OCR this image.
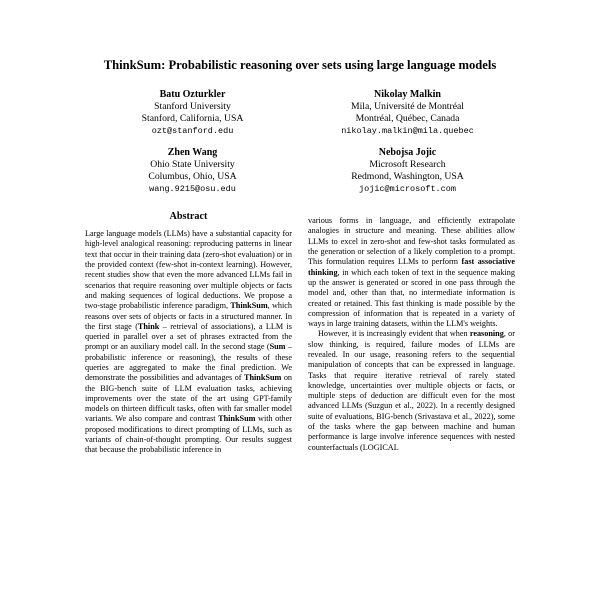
ThinkSum: Probabilistic reasoning over sets using large language models
Batu Ozturkler
Stanford University
Stanford, California, USA
ozt@stanford.edu
Nikolay Malkin
Mila, Université de Montréal
Montréal, Québec, Canada
nikolay.malkin@mila.quebec
Zhen Wang
Ohio State University
Columbus, Ohio, USA
wang.9215@osu.edu
Nebojsa Jojic
Microsoft Research
Redmond, Washington, USA
jojic@microsoft.com
Abstract

Large language models (LLMs) have a substantial capacity for high-level analogical reasoning: reproducing patterns in linear text that occur in their training data (zero-shot evaluation) or in the provided context (few-shot in-context learning). However, recent studies show that even the more advanced LLMs fail in scenarios that require reasoning over multiple objects or facts and making sequences of logical deductions. We propose a two-stage probabilistic inference paradigm, ThinkSum, which reasons over sets of objects or facts in a structured manner. In the first stage (Think – retrieval of associations), a LLM is queried in parallel over a set of phrases extracted from the prompt or an auxiliary model call. In the second stage (Sum – probabilistic inference or reasoning), the results of these queries are aggregated to make the final prediction. We demonstrate the possibilities and advantages of ThinkSum on the BIG-bench suite of LLM evaluation tasks, achieving improvements over the state of the art using GPT-family models on thirteen difficult tasks, often with far smaller model variants. We also compare and contrast ThinkSum with other proposed modifications to direct prompting of LLMs, such as variants of chain-of-thought prompting. Our results suggest that because the probabilistic inference in

various forms in language, and efficiently extrapolate analogies in structure and meaning. These abilities allow LLMs to excel in zero-shot and few-shot tasks formulated as the generation or selection of a likely completion to a prompt. This formulation requires LLMs to perform fast associative thinking, in which each token of text in the sequence making up the answer is generated or scored in one pass through the model and, other than that, no intermediate information is created or retained. This fast thinking is made possible by the compression of information that is repeated in a variety of ways in large training datasets, within the LLM's weights.

However, it is increasingly evident that when reasoning, or slow thinking, is required, failure modes of LLMs are revealed. In our usage, reasoning refers to the sequential manipulation of concepts that can be expressed in language. Tasks that require iterative retrieval of rarely stated knowledge, uncertainties over multiple objects or facts, or multiple steps of deduction are difficult even for the most advanced LLMs (Suzgun et al., 2022). In a recently designed suite of evaluations, BIG-bench (Srivastava et al., 2022), some of the tasks where the gap between machine and human performance is large involve inference sequences with nested counterfactuals (LOGICAL
